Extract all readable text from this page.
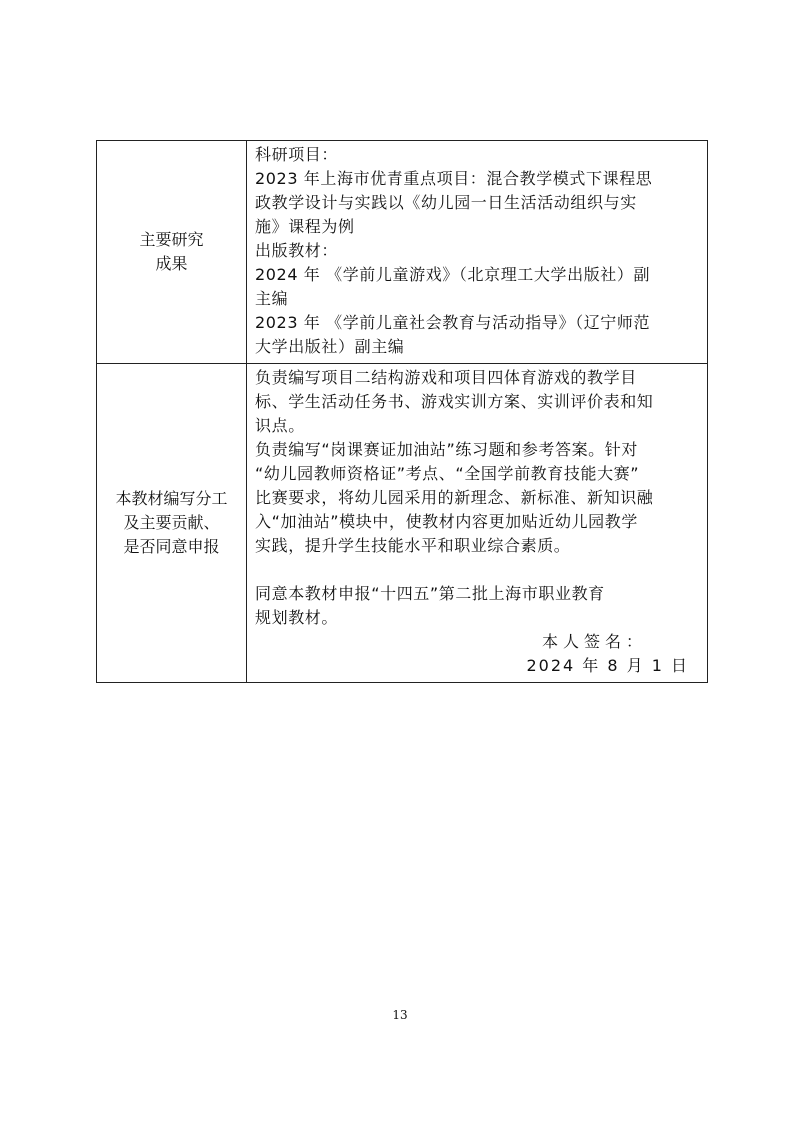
主要研究
成果

科研项目：

2023 年上海市优青重点项目：混合教学模式下课程思

政教学设计与实践以《幼儿园一日生活活动组织与实

施》课程为例

出版教材：

2024 年 《学前儿童游戏》（北京理工大学出版社）副

主编

2023 年 《学前儿童社会教育与活动指导》（辽宁师范

大学出版社）副主编

本教材编写分工
及主要贡献、
是否同意申报

负责编写项目二结构游戏和项目四体育游戏的教学目

标、学生活动任务书、游戏实训方案、实训评价表和知

识点。

负责编写“岗课赛证加油站”练习题和参考答案。针对

“幼儿园教师资格证”考点、“全国学前教育技能大赛”

比赛要求，将幼儿园采用的新理念、新标准、新知识融

入“加油站”模块中，使教材内容更加贴近幼儿园教学

实践，提升学生技能水平和职业综合素质。

同意本教材申报“十四五”第二批上海市职业教育

规划教材。

本人签名：

2024 年 8 月 1 日

13
